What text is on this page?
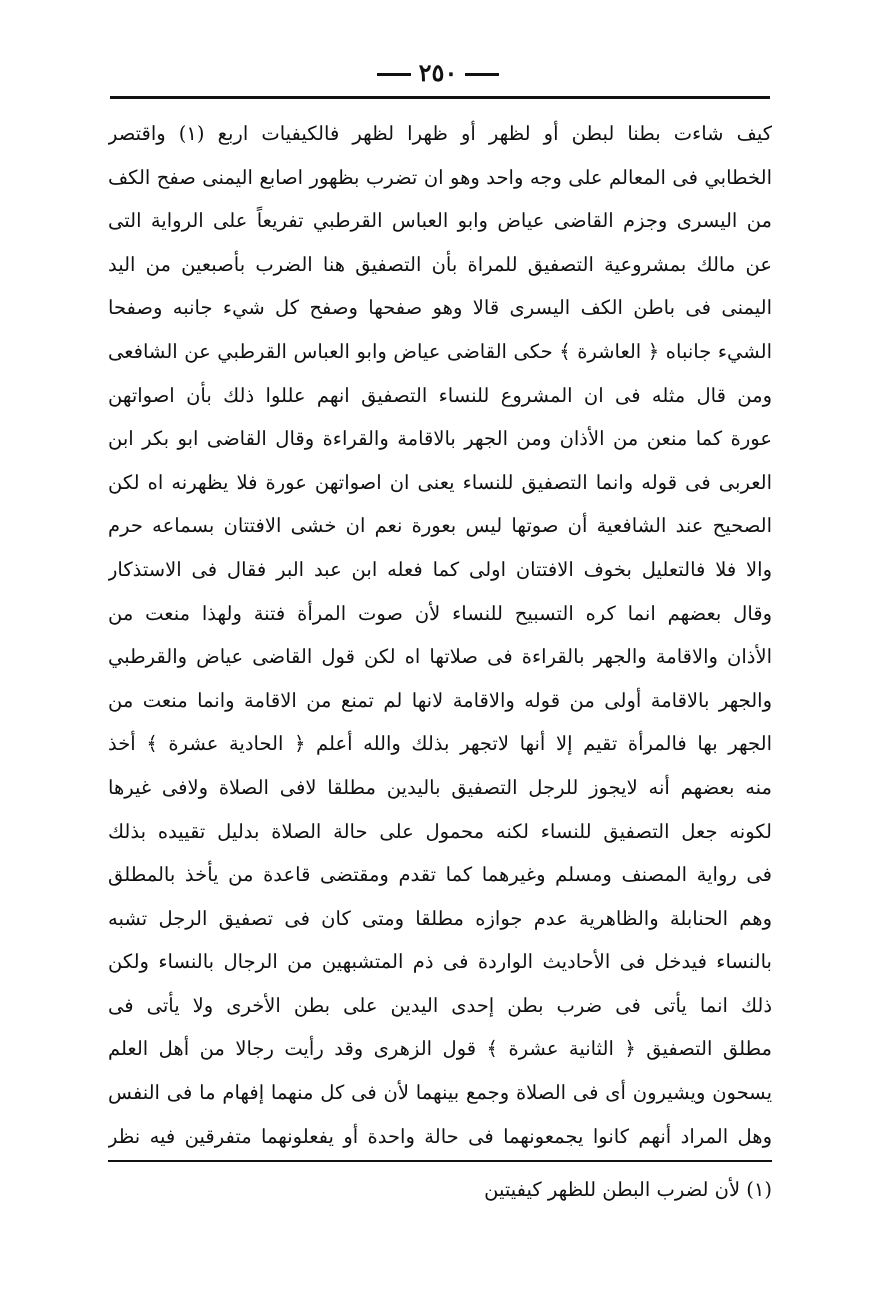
٢٥٠
كيف شاءت بطنا لبطن أو لظهر أو ظهرا لظهر فالكيفيات اربع (١) واقتصر
الخطابي فى المعالم على وجه واحد وهو ان تضرب بظهور اصابع اليمنى صفح الكف
من اليسرى وجزم القاضى عياض وابو العباس القرطبي تفريعاً على الرواية التى
عن مالك بمشروعية التصفيق للمراة بأن التصفيق هنا الضرب بأصبعين من اليد
اليمنى فى باطن الكف اليسرى قالا وهو صفحها وصفح كل شيء جانبه وصفحا
الشيء جانباه ﴿ العاشرة ﴾ حكى القاضى عياض وابو العباس القرطبي عن الشافعى
ومن قال مثله فى ان المشروع للنساء التصفيق انهم عللوا ذلك بأن اصواتهن
عورة كما منعن من الأذان ومن الجهر بالاقامة والقراءة وقال القاضى ابو بكر ابن
العربى فى قوله وانما التصفيق للنساء يعنى ان اصواتهن عورة فلا يظهرنه اه لكن
الصحيح عند الشافعية أن صوتها ليس بعورة نعم ان خشى الافتتان بسماعه حرم
والا فلا فالتعليل بخوف الافتتان اولى كما فعله ابن عبد البر فقال فى الاستذكار
وقال بعضهم انما كره التسبيح للنساء لأن صوت المرأة فتنة ولهذا منعت من
الأذان والاقامة والجهر بالقراءة فى صلاتها اه لكن قول القاضى عياض والقرطبي
والجهر بالاقامة أولى من قوله والاقامة لانها لم تمنع من الاقامة وانما منعت من
الجهر بها فالمرأة تقيم إلا أنها لاتجهر بذلك والله أعلم ﴿ الحادية عشرة ﴾ أخذ
منه بعضهم أنه لايجوز للرجل التصفيق باليدين مطلقا لافى الصلاة ولافى غيرها
لكونه جعل التصفيق للنساء لكنه محمول على حالة الصلاة بدليل تقييده بذلك
فى رواية المصنف ومسلم وغيرهما كما تقدم ومقتضى قاعدة من يأخذ بالمطلق
وهم الحنابلة والظاهرية عدم جوازه مطلقا ومتى كان فى تصفيق الرجل تشبه
بالنساء فيدخل فى الأحاديث الواردة فى ذم المتشبهين من الرجال بالنساء ولكن
ذلك انما يأتى فى ضرب بطن إحدى اليدين على بطن الأخرى ولا يأتى فى
مطلق التصفيق ﴿ الثانية عشرة ﴾ قول الزهرى وقد رأيت رجالا من أهل العلم
يسحون ويشيرون أى فى الصلاة وجمع بينهما لأن فى كل منهما إفهام ما فى النفس
وهل المراد أنهم كانوا يجمعونهما فى حالة واحدة أو يفعلونهما متفرقين فيه نظر
(١) لأن لضرب البطن للظهر كيفيتين
